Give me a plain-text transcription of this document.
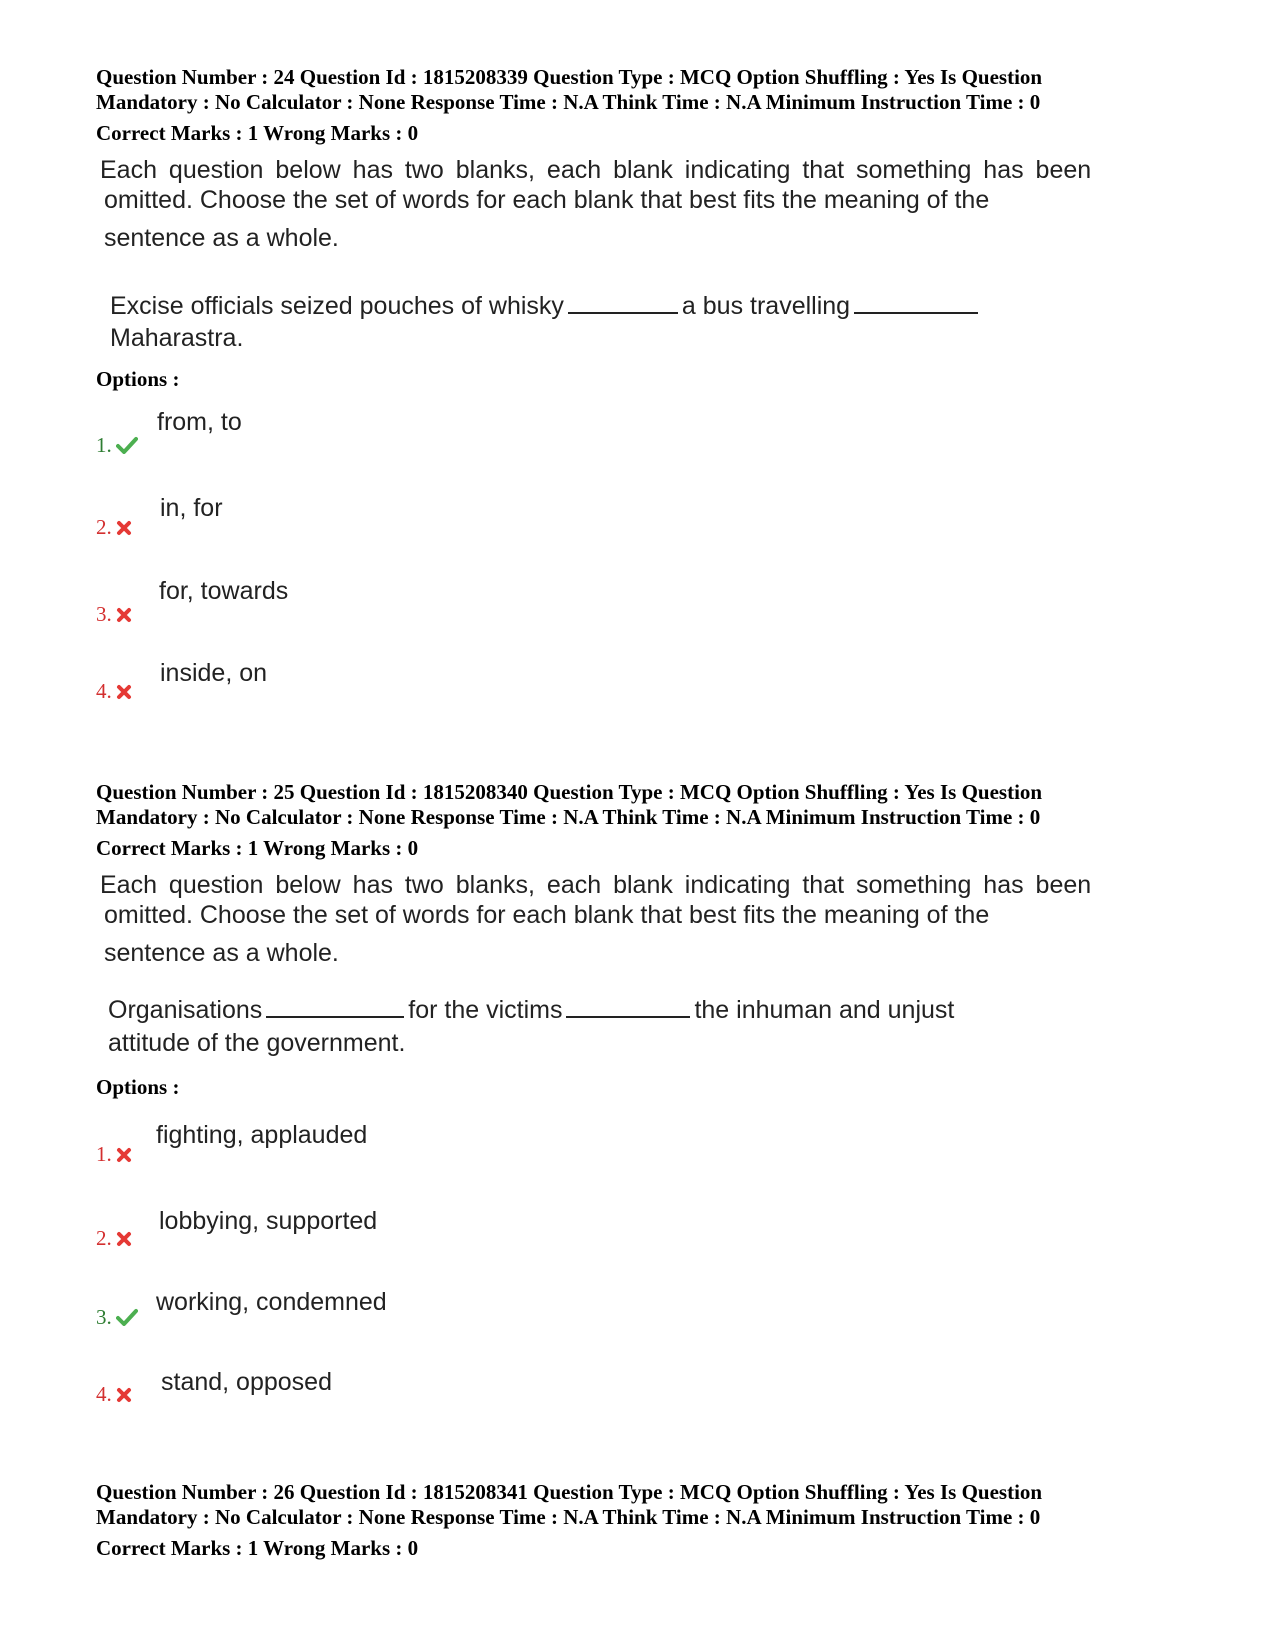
Question Number : 24 Question Id : 1815208339 Question Type : MCQ Option Shuffling : Yes Is Question

Mandatory : No Calculator : None Response Time : N.A Think Time : N.A Minimum Instruction Time : 0

Correct Marks : 1 Wrong Marks : 0

Each question below has two blanks, each blank indicating that something has been

omitted. Choose the set of words for each blank that best fits the meaning of the

sentence as a whole.

Excise officials seized pouches of whisky	a bus travelling

Maharastra.

Options :

1.

from, to

2.

in, for

3.

for, towards

4.

inside, on

Question Number : 25 Question Id : 1815208340 Question Type : MCQ Option Shuffling : Yes Is Question

Mandatory : No Calculator : None Response Time : N.A Think Time : N.A Minimum Instruction Time : 0

Correct Marks : 1 Wrong Marks : 0

Each question below has two blanks, each blank indicating that something has been

omitted. Choose the set of words for each blank that best fits the meaning of the

sentence as a whole.

Organisations	for the victims	the inhuman and unjust

attitude of the government.

Options :

1.

fighting, applauded

2.

lobbying, supported

3.

working, condemned

4.	stand, opposed

Question Number : 26 Question Id : 1815208341 Question Type : MCQ Option Shuffling : Yes Is Question

Mandatory : No Calculator : None Response Time : N.A Think Time : N.A Minimum Instruction Time : 0

Correct Marks : 1 Wrong Marks : 0
